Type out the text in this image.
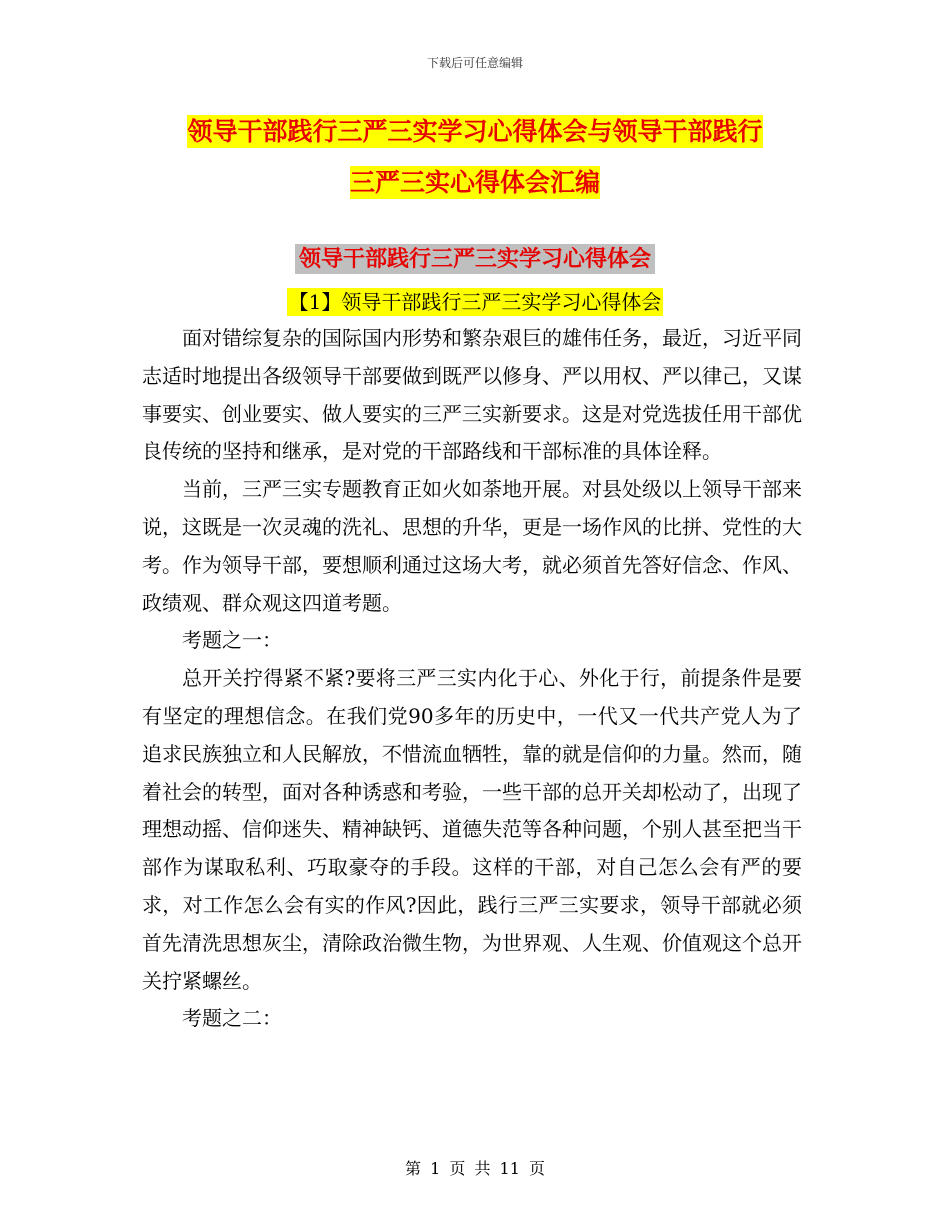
下载后可任意编辑
领导干部践行三严三实学习心得体会与领导干部践行
三严三实心得体会汇编
领导干部践行三严三实学习心得体会
【1】领导干部践行三严三实学习心得体会

面对错综复杂的国际国内形势和繁杂艰巨的雄伟任务，最近，习近平同志适时地提出各级领导干部要做到既严以修身、严以用权、严以律己，又谋事要实、创业要实、做人要实的三严三实新要求。这是对党选拔任用干部优良传统的坚持和继承，是对党的干部路线和干部标准的具体诠释。

当前，三严三实专题教育正如火如荼地开展。对县处级以上领导干部来说，这既是一次灵魂的洗礼、思想的升华，更是一场作风的比拼、党性的大考。作为领导干部，要想顺利通过这场大考，就必须首先答好信念、作风、政绩观、群众观这四道考题。

考题之一：

总开关拧得紧不紧?要将三严三实内化于心、外化于行，前提条件是要有坚定的理想信念。在我们党90多年的历史中，一代又一代共产党人为了追求民族独立和人民解放，不惜流血牺牲，靠的就是信仰的力量。然而，随着社会的转型，面对各种诱惑和考验，一些干部的总开关却松动了，出现了理想动摇、信仰迷失、精神缺钙、道德失范等各种问题，个别人甚至把当干部作为谋取私利、巧取豪夺的手段。这样的干部，对自己怎么会有严的要求，对工作怎么会有实的作风?因此，践行三严三实要求，领导干部就必须首先清洗思想灰尘，清除政治微生物，为世界观、人生观、价值观这个总开关拧紧螺丝。

考题之二：

第 1 页 共 11 页
